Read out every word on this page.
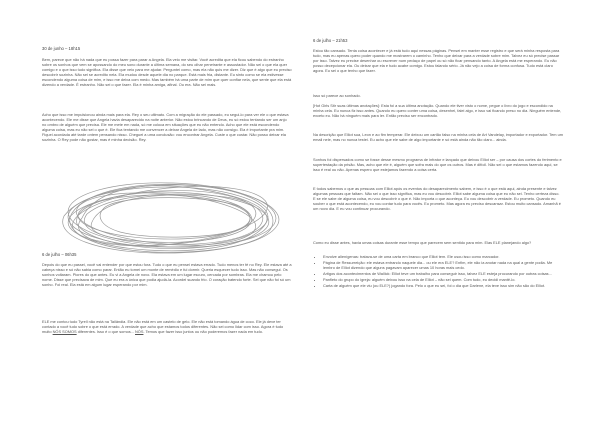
30 de junho – 18h15

Bem, parece que não há nada que eu possa fazer para parar a Angela. Ela veio me visitar. Você acredita que ela ficou sabendo do estranho sobre os sonhos que vem se apossando do meu sono durante a última semana, do seu olhar penetrante e assustador. Não sei o que ela quer comigo e o que isso tudo significa. Ela disse que veio para me ajudar. Perguntei como, mas ela não quis me dizer. Diz que é algo que eu preciso descobrir sozinha. Não sei se acredito nela. Ela mudou desde aquele dia no parque. Está mais fria, distante. Eu sinto como se ela estivesse escondendo alguma coisa de mim, e isso me deixa com medo. Mas também há uma parte de mim que quer confiar nela, que sente que ela está dizendo a verdade. É estranho. Não sei o que fazer. Ela é minha amiga, afinal. Ou era. Não sei mais.

Acho que isso me impulsionou ainda mais para ela. Rey o seu ultimato. Com a migração do ele passado, eu segui-lo para ver ele o que estava acontecendo. Ele me disse que Angela havia desaparecido na noite anterior. Não estou brincando de Deus, eu só estou tentando ser um anjo no ombro de alguém que precisa. Ele me mete em nada, só me coloca em situações que eu não entendo. Acho que ele está escondendo alguma coisa, mas eu não sei o que é. Ele fica tentando me convencer a deixar Angela de lado, mas não consigo. Ela é importante pra mim. Fiquei acordada até tarde ontem pensando nisso. Cheguei a uma conclusão: vou encontrar Angela. Custe o que custar. Não posso deixar ela sozinha. O Rey pode não gostar, mas é minha decisão. Rey.

6 de julho – 06h35

Depois do que eu passei, você vai entender por que estou fora. Tudo o que eu pensei estava errado. Tudo menos ter fé no Rey. Ele estava até a cabeça nisso e só não sabia como parar. Então eu tomei um monte de remédio e fui dormir. Queria esquecer tudo isso. Mas não consegui. Os sonhos voltaram. Piores do que antes. Eu vi a Angela de novo. Ela estava em um lugar escuro, cercada por sombras. Ela me chamou pelo nome. Disse que precisava de mim. Que eu era a única que podia ajudá-la. Acordei suando frio. O coração batendo forte. Sei que não foi só um sonho. Foi real. Ela está em algum lugar esperando por mim.

ELE me contou tudo Tyrell não está na Tailândia. Ele não está em um castelo de gelo. Ele não está tomando água de coco. Ele já deve ter contado a você tudo sobre o que está errado. A verdade que acho que estamos todos diferentes. Não sei como lidar com isso. Agora é tudo muito NÓS SOMOS diferentes. Isso é o que somos... NÓS. Temos que fazer isso juntos ou não poderemos fazer nada em tudo.

6 de julho – 21h53

Estou tão cansado. Tenta coisa acontecer e já está tudo aqui nessas páginas. Pensei em manter esse registro e que será minha resposta para tudo, mas eu apenas quero poder quando me mostrarem o caminho. Tenho que deixar para a verdade sobre mim. Talvez eu só precise passar por isso. Talvez eu precise desenhar ou escrever num pedaço de papel ou só não ficar pensando tanto. A Angela está me esperando. Eu não posso decepcionar ela. Ou deixar que ela e tudo acabe comigo. Estou falando sério. Já não vejo a coisa de forma confusa. Tudo está claro agora. Eu sei o que tenho que fazer.

Isso só parece ao sonhado.

[Hot Girls Stir suas últimas anotações]: Esta foi a sua última anotação. Quando ele tiver visto o nome, pegue o livro do jogo e escondido na minha cela. Eu nunca fiz isso antes. Quando eu quero conter uma coisa, desenhei, falei algo, e isso vai ficando preso no dia. Ninguém entende, exceto eu. Não há ninguém mais para ler. Então preciso ser encontrado.

Na descrição que Elliot sua, Leon e ao fim temperar. Ele deixou um cartão falso na minha cela de Art Vandelay, importador e exportador. Tem um email nele, mas no nunca testei. Eu acho que ele sabe de algo importante e só está ainda não tão claro... ainda.

Sonhos foi dispersados como se fosse desse mesmo programa de infrator e lançado que deixou Elliot ser – por causa dos cortes do ferimento e supertestação da prisão. Mas, acho que ele é, alguém que sofra mais do que os outros. Mas é difícil. Não sei o que estamos fazendo aqui, se isso é real ou não. Apenas espero que estejamos fazendo a coisa certa.

E todos sabemos o que as pessoas com Elliot após os eventos do desaparecimento sabem, e isso é o que está aqui, ainda presente e talvez algumas pessoas que faltam. Não sei o que isso significa, mas eu vou descobrir. Elliot sabe alguma coisa que eu não sei. Tenho certeza disso. E se ele sabe de alguma coisa, eu vou descobrir o que é. Não importa o que aconteça. Eu vou descobrir a verdade. Eu prometo. Quando eu souber o que está acontecendo, eu vou contar tudo para vocês. Eu prometo. Mas agora eu preciso descansar. Estou muito cansado. Amanhã é um novo dia. E eu vou continuar procurando.

Como eu disse antes, havia umas coisas durante esse tempo que parecem sem sentido para mim. Elas ELE planejando algo?

• Envolve alienígenas: tratava-se de uma carta em branco que Elliot tem. Ele usou isso como marcador.
• Página de Ressurreição: ele estava entrando naquele dia... ou ele era ELE? Enfim, ele não ia anotar nada na qual a gente podia. Me lembro de Elliot dizendo que alguns pagavam aparecer umas 10 horas mais cedo.
• Artigos dos acontecimentos de Wallick: Elliot teve um trabalho para conseguir isso, talvez ELE esteja procurando por outras coisas...
• Panfleto do grupo do igreja: alguém deixou isso na cela de Elliot – não sei quem. Com tudo, eu decidi mantê-lo.
• Carta de alguém que ele viu (ou ELE?) jogando fora. Pelo o que eu sei, foi o dia que Darlene, ela teve isso sim não são do Elliot.
